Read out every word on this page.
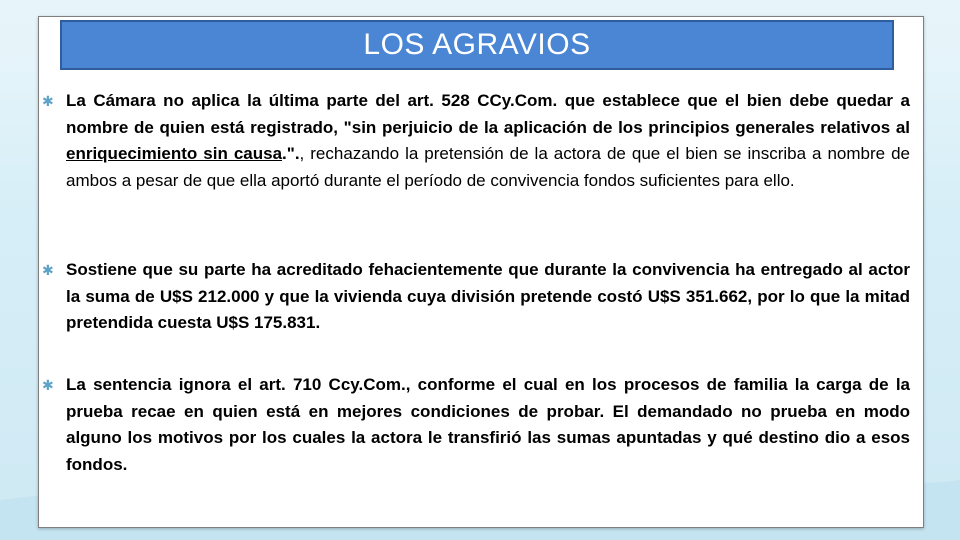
LOS AGRAVIOS
✱ La Cámara no aplica la última parte del art. 528 CCy.Com. que establece que el bien debe quedar a nombre de quien está registrado, "sin perjuicio de la aplicación de los principios generales relativos al enriquecimiento sin causa."., rechazando la pretensión de la actora de que el bien se inscriba a nombre de ambos a pesar de que ella aportó durante el período de convivencia fondos suficientes para ello.
✱ Sostiene que su parte ha acreditado fehacientemente que durante la convivencia ha entregado al actor la suma de U$S 212.000 y que la vivienda cuya división pretende costó U$S 351.662, por lo que la mitad pretendida cuesta U$S 175.831.
✱ La sentencia ignora el art. 710 Ccy.Com., conforme el cual en los procesos de familia la carga de la prueba recae en quien está en mejores condiciones de probar. El demandado no prueba en modo alguno los motivos por los cuales la actora le transfirió las sumas apuntadas y qué destino dio a esos fondos.
